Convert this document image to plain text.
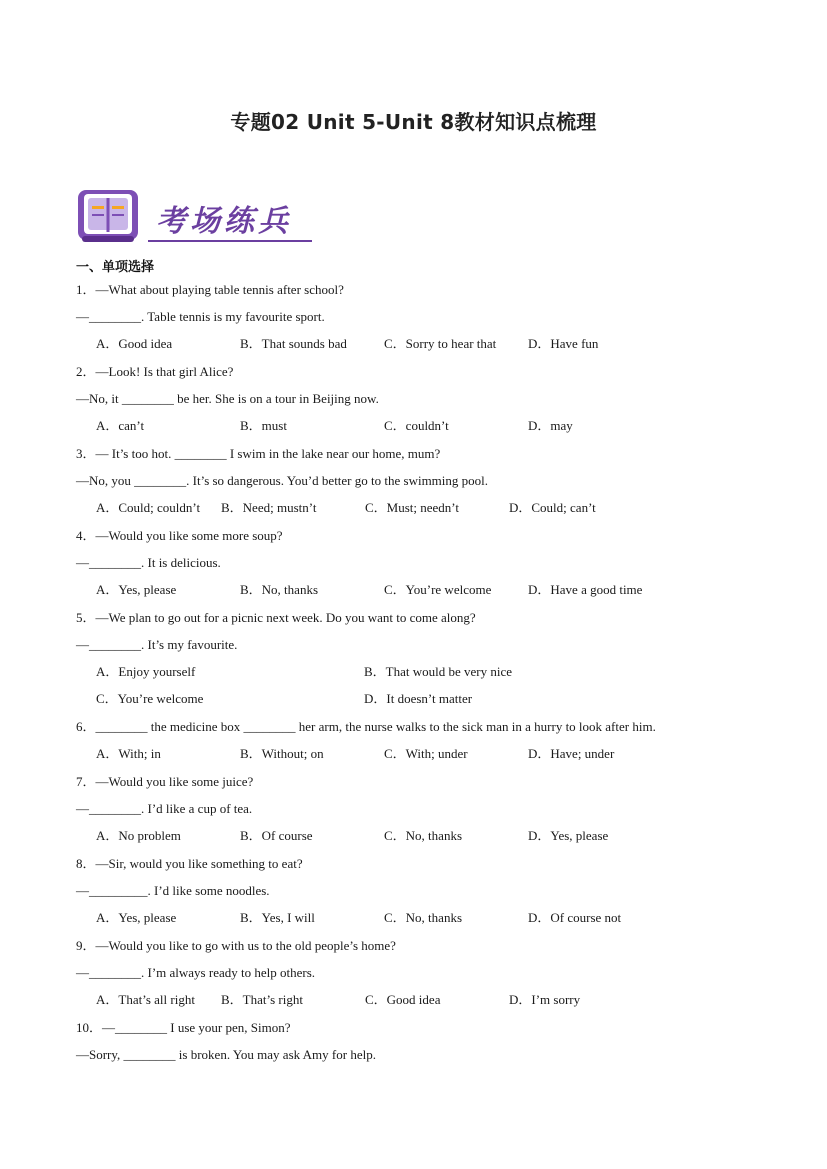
专题02 Unit 5-Unit 8教材知识点梳理
考场练兵
一、单项选择
1．—What about playing table tennis after school?
—________. Table tennis is my favourite sport.
A．Good idea	B．That sounds bad	C．Sorry to hear that	D．Have fun
2．—Look! Is that girl Alice?
—No, it ________ be her. She is on a tour in Beijing now.
A．can’t	B．must	C．couldn’t	D．may
3．— It’s too hot. ________ I swim in the lake near our home, mum?
—No, you ________. It’s so dangerous. You’d better go to the swimming pool.
A．Could; couldn’t	B．Need; mustn’t	C．Must; needn’t	D．Could; can’t
4．—Would you like some more soup?
—________. It is delicious.
A．Yes, please	B．No, thanks	C．You’re welcome	D．Have a good time
5．—We plan to go out for a picnic next week. Do you want to come along?
—________. It’s my favourite.
A．Enjoy yourself	B．That would be very nice
C．You’re welcome	D．It doesn’t matter
6．________ the medicine box ________ her arm, the nurse walks to the sick man in a hurry to look after him.
A．With; in	B．Without; on	C．With; under	D．Have; under
7．—Would you like some juice?
—________. I’d like a cup of tea.
A．No problem	B．Of course	C．No, thanks	D．Yes, please
8．—Sir, would you like something to eat?
—_________. I’d like some noodles.
A．Yes, please	B．Yes, I will	C．No, thanks	D．Of course not
9．—Would you like to go with us to the old people’s home?
—________. I’m always ready to help others.
A．That’s all right	B．That’s right	C．Good idea	D．I’m sorry
10．—________ I use your pen, Simon?
—Sorry, ________ is broken. You may ask Amy for help.
